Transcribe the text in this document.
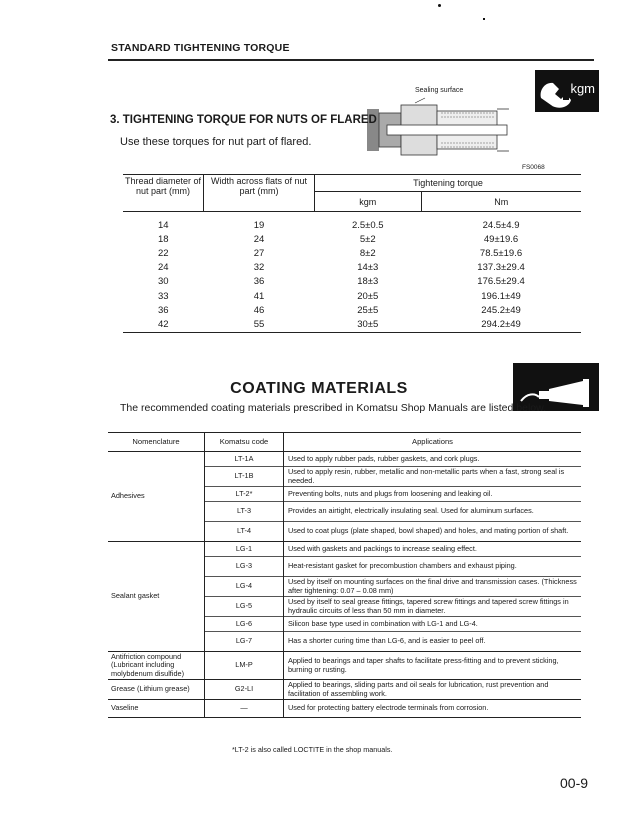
STANDARD TIGHTENING TORQUE
kgm
Sealing surface
FS0068
3. TIGHTENING TORQUE FOR NUTS OF FLARED
Use these torques for nut part of flared.
Thread diameter of nut part (mm)	Width across flats of nut part (mm)	Tightening torque	
		kgm	Nm

14	19	2.5±0.5	24.5±4.9
18	24	5±2	49±19.6
22	27	8±2	78.5±19.6
24	32	14±3	137.3±29.4
30	36	18±3	176.5±29.4
33	41	20±5	196.1±49
36	46	25±5	245.2±49
42	55	30±5	294.2±49
COATING MATERIALS
The recommended coating materials prescribed in Komatsu Shop Manuals are listed below.
Nomenclature	Komatsu code	Applications
Adhesives	LT-1A	Used to apply rubber pads, rubber gaskets, and cork plugs.
	LT-1B	Used to apply resin, rubber, metallic and non-metallic parts when a fast, strong seal is needed.
	LT-2*	Preventing bolts, nuts and plugs from loosening and leaking oil.
	LT-3	Provides an airtight, electrically insulating seal. Used for aluminum surfaces.
	LT-4	Used to coat plugs (plate shaped, bowl shaped) and holes, and mating portion of shaft.
Sealant gasket	LG-1	Used with gaskets and packings to increase sealing effect.
	LG-3	Heat-resistant gasket for precombustion chambers and exhaust piping.
	LG-4	Used by itself on mounting surfaces on the final drive and transmission cases. (Thickness after tightening: 0.07 – 0.08 mm)
	LG-5	Used by itself to seal grease fittings, tapered screw fittings and tapered screw fittings in hydraulic circuits of less than 50 mm in diameter.
	LG-6	Silicon base type used in combination with LG-1 and LG-4.
	LG-7	Has a shorter curing time than LG-6, and is easier to peel off.
Antifriction compound (Lubricant including molybdenum disulfide)	LM-P	Applied to bearings and taper shafts to facilitate press-fitting and to prevent sticking, burning or rusting.
Grease (Lithium grease)	G2-LI	Applied to bearings, sliding parts and oil seals for lubrication, rust prevention and facilitation of assembling work.
Vaseline	—	Used for protecting battery electrode terminals from corrosion.
*LT-2 is also called LOCTITE in the shop manuals.
00-9
